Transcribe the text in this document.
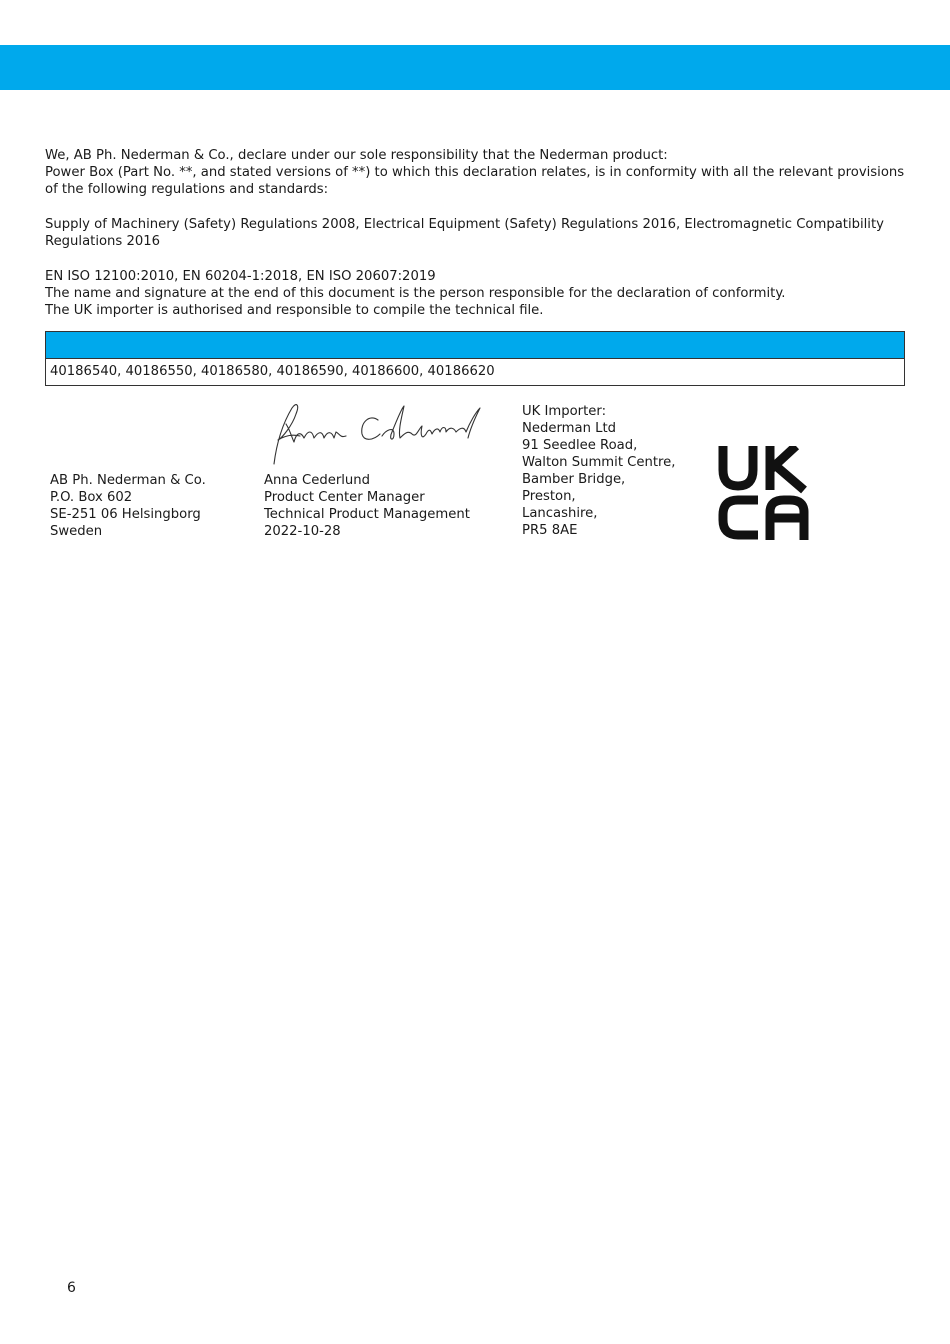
We, AB Ph. Nederman & Co., declare under our sole responsibility that the Nederman product:

Power Box (Part No. **, and stated versions of **) to which this declaration relates, is in conformity with all the relevant provisions of the following regulations and standards:

Supply of Machinery (Safety) Regulations 2008, Electrical Equipment (Safety) Regulations 2016, Electromagnetic Compatibility Regulations 2016

EN ISO 12100:2010, EN 60204-1:2018, EN ISO 20607:2019

The name and signature at the end of this document is the person responsible for the declaration of conformity.

The UK importer is authorised and responsible to compile the technical file.

40186540, 40186550, 40186580, 40186590, 40186600, 40186620

AB Ph. Nederman & Co.

P.O. Box 602

SE-251 06 Helsingborg

Sweden

Anna Cederlund

Product Center Manager

Technical Product Management

2022-10-28

UK Importer:

Nederman Ltd

91 Seedlee Road,

Walton Summit Centre,

Bamber Bridge,

Preston,

Lancashire,

PR5 8AE

6
